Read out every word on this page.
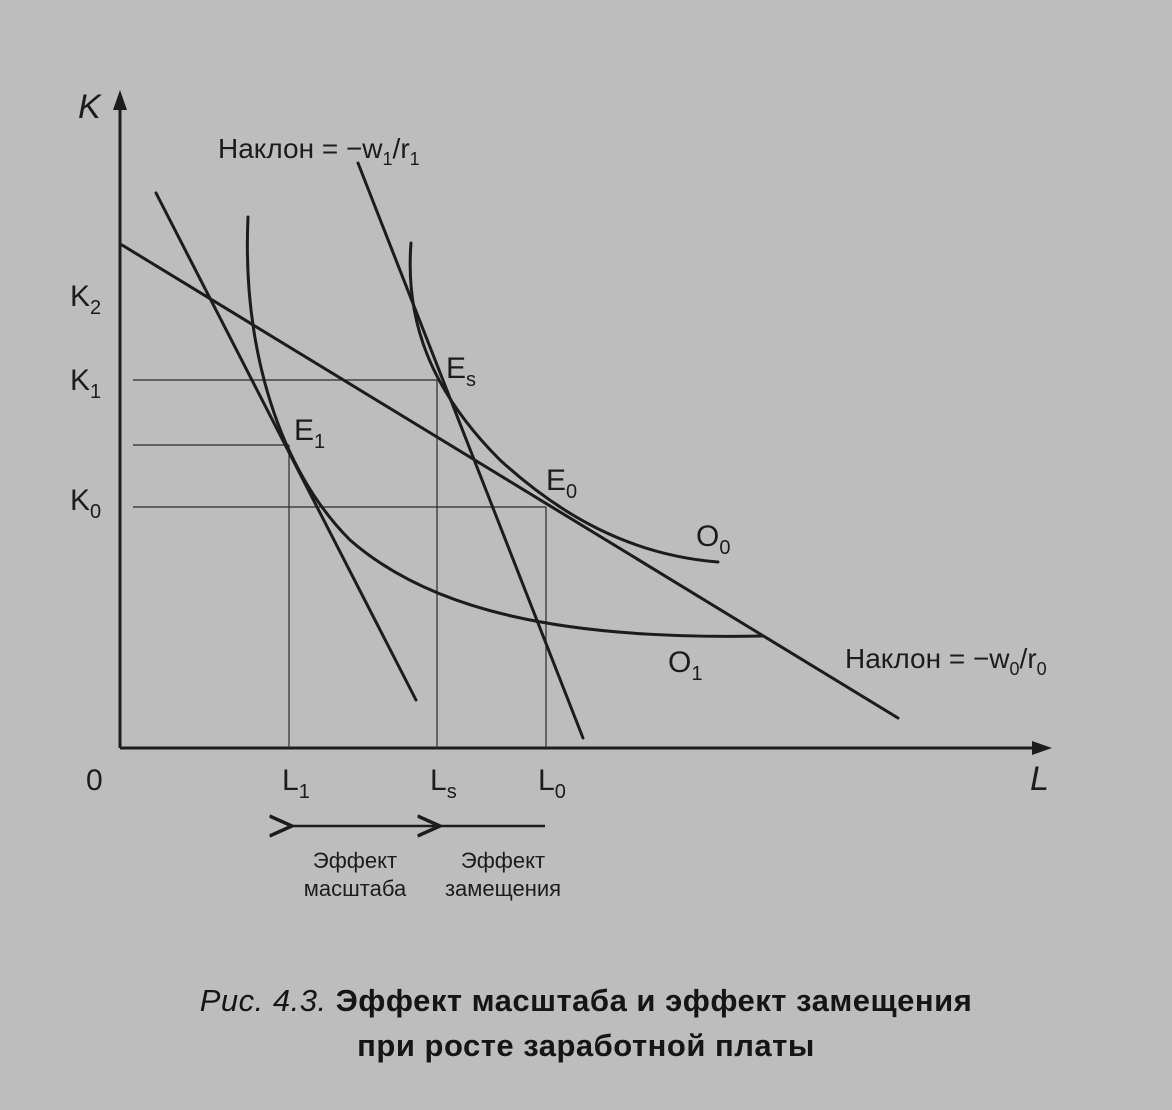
K
L
0
$K_2$
$K_1$
$K_0$
$L_1$	$L_s$	$L_0$
Наклон = $-w_1/r_1$
Наклон = $-w_0/r_0$
$E_1$
$E_s$
$E_0$
$O_0$
$O_1$
Эффект
масштаба
Эффект
замещения
Рис. 4.3. Эффект масштаба и эффект замещения
при росте заработной платы
